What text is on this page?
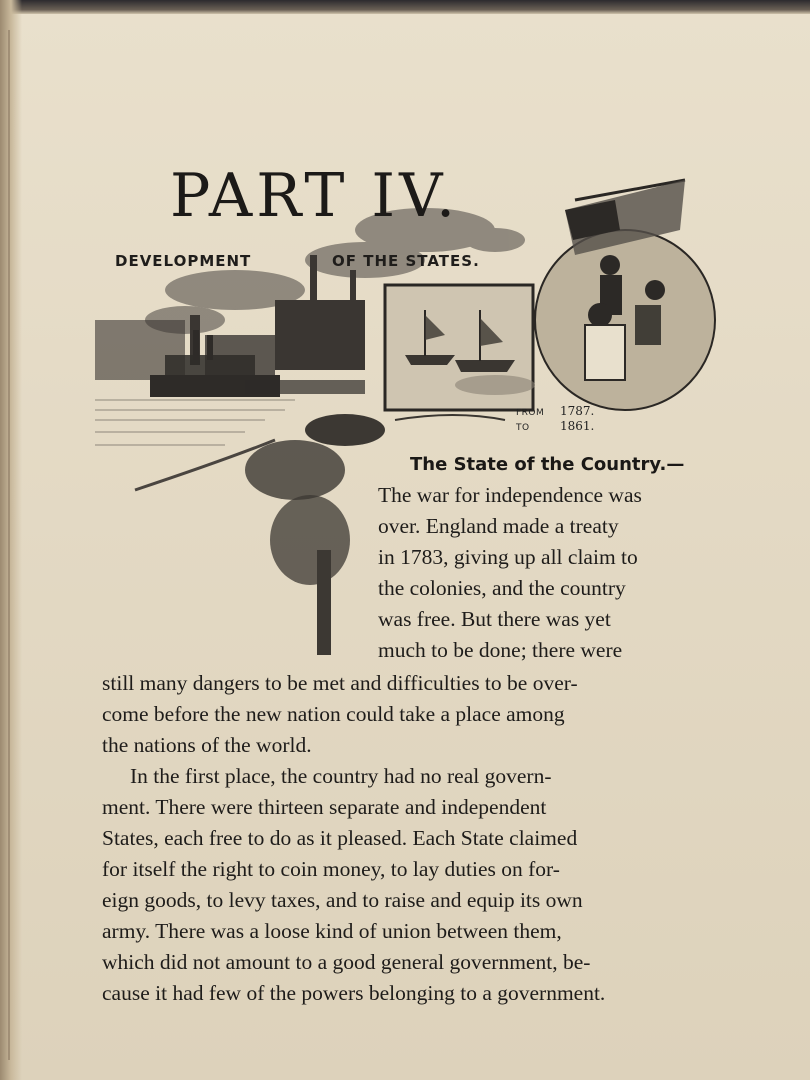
PART IV.

DEVELOPMENT	OF THE STATES.

FROM 1787.

TO	1861.

The State of the Country.—

The war for independence was

over. England made a treaty

in 1783, giving up all claim to

the colonies, and the country

was free. But there was yet

much to be done; there were

still many dangers to be met and difficulties to be over-

come before the new nation could take a place among

the nations of the world.

In the first place, the country had no real govern-

ment. There were thirteen separate and independent

States, each free to do as it pleased. Each State claimed

for itself the right to coin money, to lay duties on for-

eign goods, to levy taxes, and to raise and equip its own

army. There was a loose kind of union between them,

which did not amount to a good general government, be-

cause it had few of the powers belonging to a government.
